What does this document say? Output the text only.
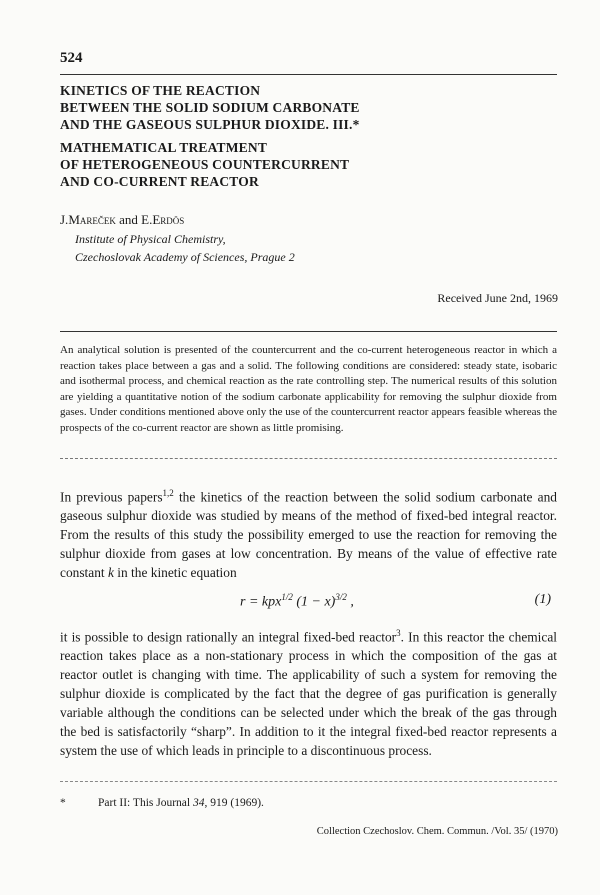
524
KINETICS OF THE REACTION
BETWEEN THE SOLID SODIUM CARBONATE
AND THE GASEOUS SULPHUR DIOXIDE. III.*
MATHEMATICAL TREATMENT
OF HETEROGENEOUS COUNTERCURRENT
AND CO-CURRENT REACTOR
J.Mareček and E.Erdös
Institute of Physical Chemistry,
Czechoslovak Academy of Sciences, Prague 2
Received June 2nd, 1969
An analytical solution is presented of the countercurrent and the co-current heterogeneous reactor in which a reaction takes place between a gas and a solid. The following conditions are considered: steady state, isobaric and isothermal process, and chemical reaction as the rate controlling step. The numerical results of this solution are yielding a quantitative notion of the sodium carbonate applicability for removing the sulphur dioxide from gases. Under conditions mentioned above only the use of the countercurrent reactor appears feasible whereas the prospects of the co-current reactor are shown as little promising.
In previous papers$^{1,2}$ the kinetics of the reaction between the solid sodium carbonate and gaseous sulphur dioxide was studied by means of the method of fixed-bed integral reactor. From the results of this study the possibility emerged to use the reaction for removing the sulphur dioxide from gases at low concentration. By means of the value of effective rate constant k in the kinetic equation
r = kpx$^{1/2}$ $(1 - x)^{3/2}$ ,	(1)
it is possible to design rationally an integral fixed-bed reactor$^3$. In this reactor the chemical reaction takes place as a non-stationary process in which the composition of the gas at reactor outlet is changing with time. The applicability of such a system for removing the sulphur dioxide is complicated by the fact that the degree of gas purification is generally variable although the conditions can be selected under which the break of the gas through the bed is satisfactorily “sharp”. In addition to it the integral fixed-bed reactor represents a system the use of which leads in principle to a discontinuous process.
*	Part II: This Journal 34, 919 (1969).
Collection Czechoslov. Chem. Commun. /Vol. 35/ (1970)
